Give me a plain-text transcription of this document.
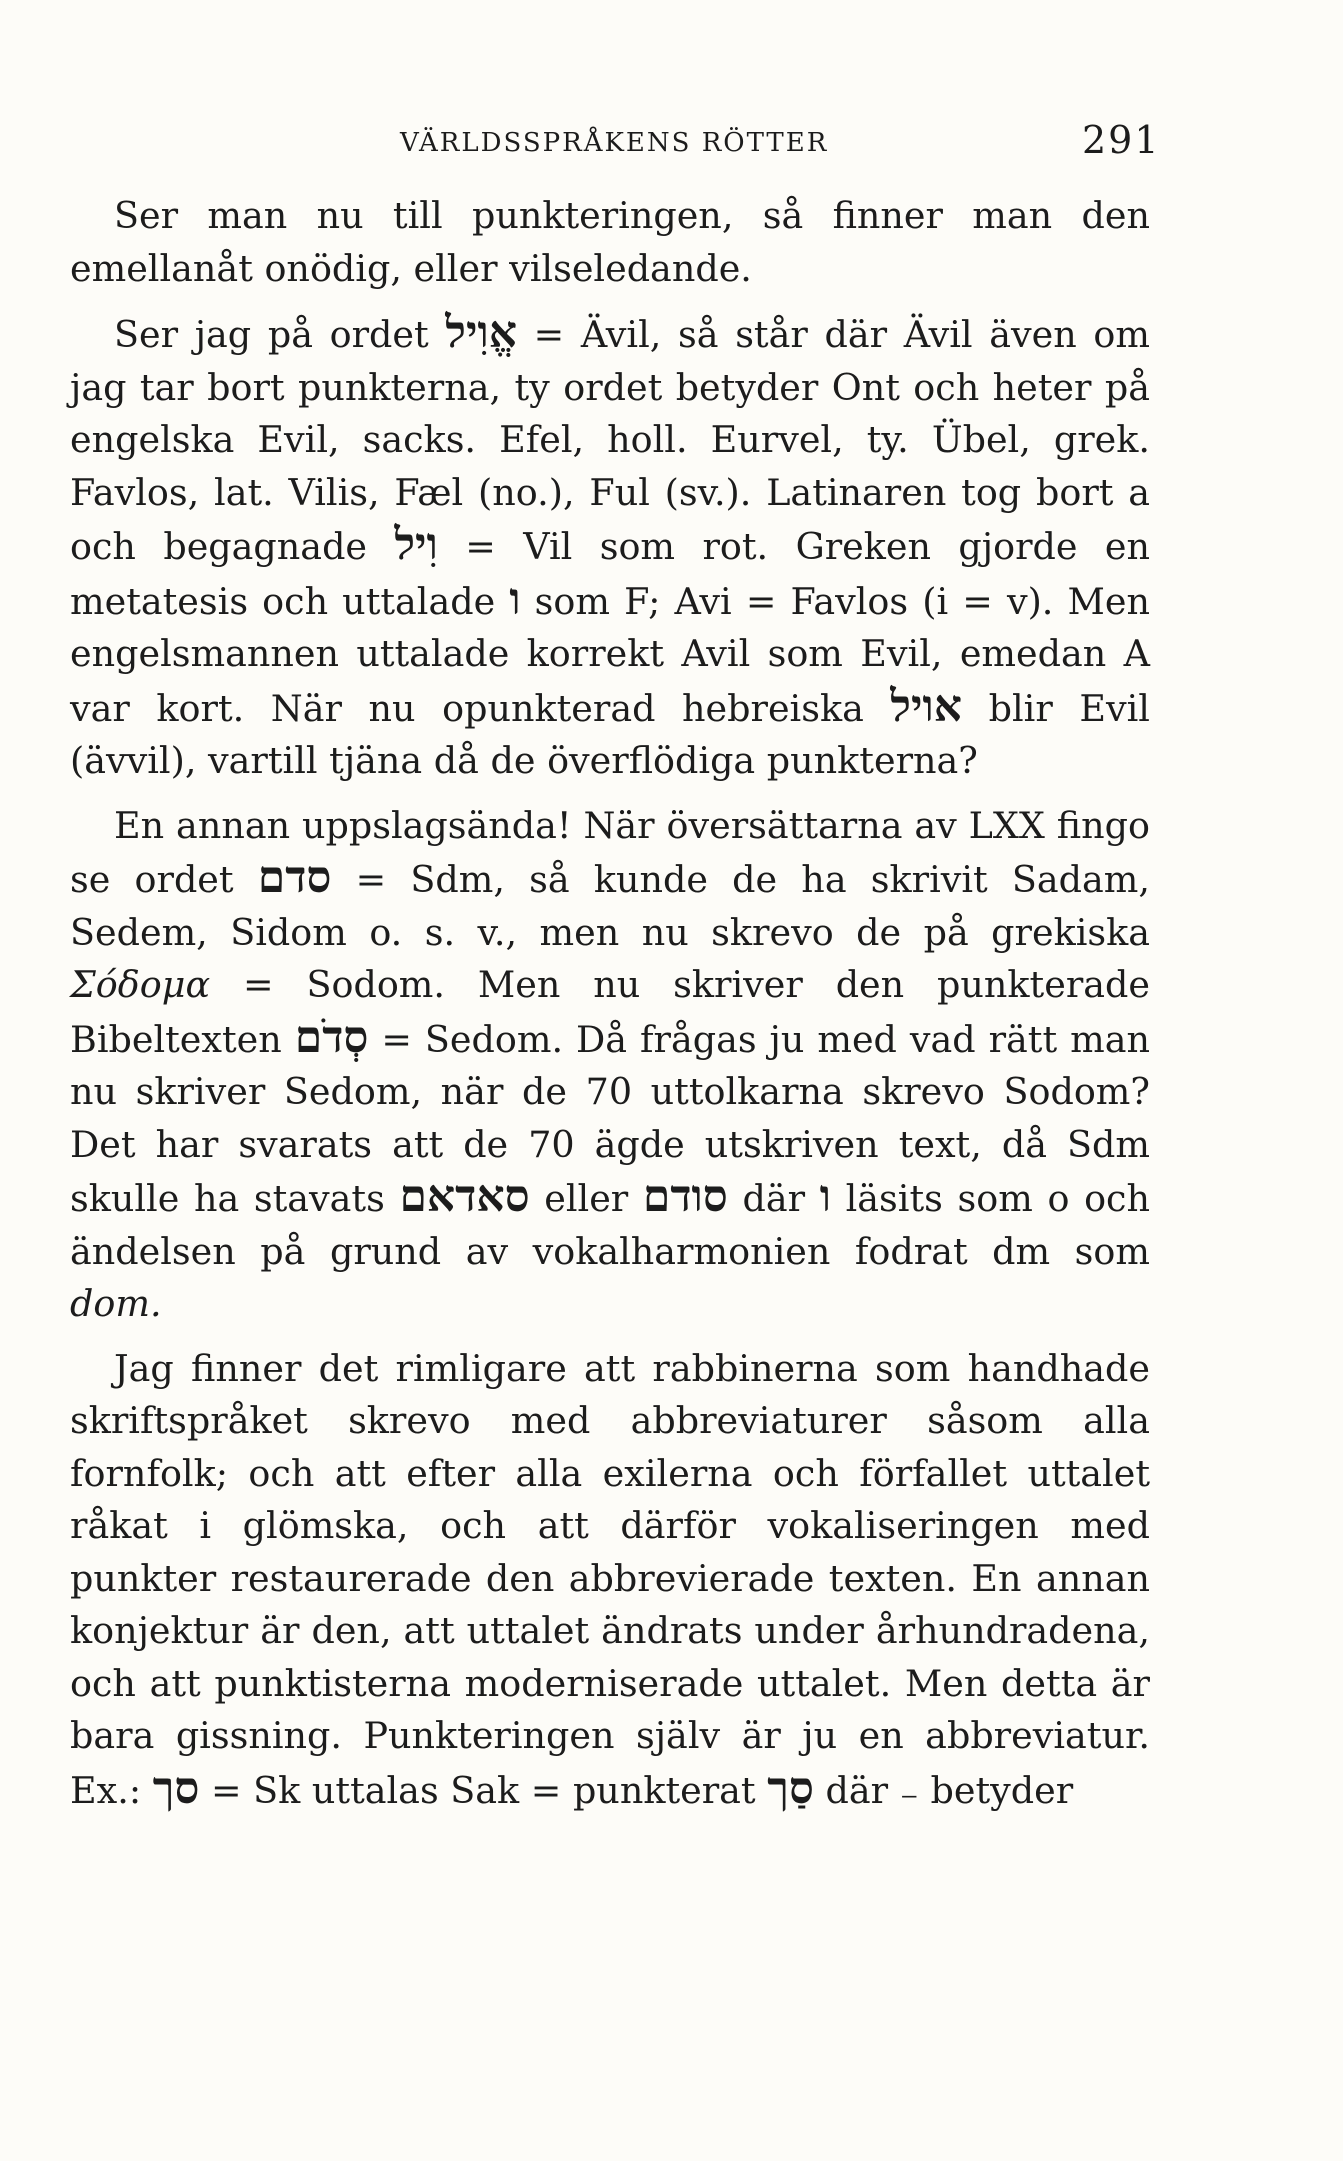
VÄRLDSSPRÅKENS RÖTTER	291

Ser man nu till punkteringen, så finner man den emellanåt onödig, eller vilseledande.

Ser jag på ordet אֱוִיל = Ävil, så står där Ävil även om jag tar bort punkterna, ty ordet betyder Ont och heter på engelska Evil, sacks. Efel, holl. Eurvel, ty. Übel, grek. Favlos, lat. Vilis, Fæl (no.), Ful (sv.). Latinaren tog bort a och begagnade וִיל = Vil som rot. Greken gjorde en metatesis och uttalade ו som F; Avi = Favlos (i = v). Men engelsmannen uttalade korrekt Avil som Evil, emedan A var kort. När nu opunkterad hebreiska אויל blir Evil (ävvil), vartill tjäna då de överflödiga punkterna?

En annan uppslagsända! När översättarna av LXX fingo se ordet סדם = Sdm, så kunde de ha skrivit Sadam, Sedem, Sidom o. s. v., men nu skrevo de på grekiska Σόδομα = Sodom. Men nu skriver den punkterade Bibeltexten סְדֹם = Sedom. Då frågas ju med vad rätt man nu skriver Sedom, när de 70 uttolkarna skrevo Sodom? Det har svarats att de 70 ägde utskriven text, då Sdm skulle ha stavats סאדאם eller סודם där ו läsits som o och ändelsen på grund av vokalharmonien fodrat dm som dom.

Jag finner det rimligare att rabbinerna som handhade skriftspråket skrevo med abbreviaturer såsom alla fornfolk; och att efter alla exilerna och förfallet uttalet råkat i glömska, och att därför vokaliseringen med punkter restaurerade den abbrevierade texten. En annan konjektur är den, att uttalet ändrats under århundradena, och att punktisterna moderniserade uttalet. Men detta är bara gissning. Punkteringen själv är ju en abbreviatur. Ex.: סך = Sk uttalas Sak = punkterat סַך där ₋ betyder
